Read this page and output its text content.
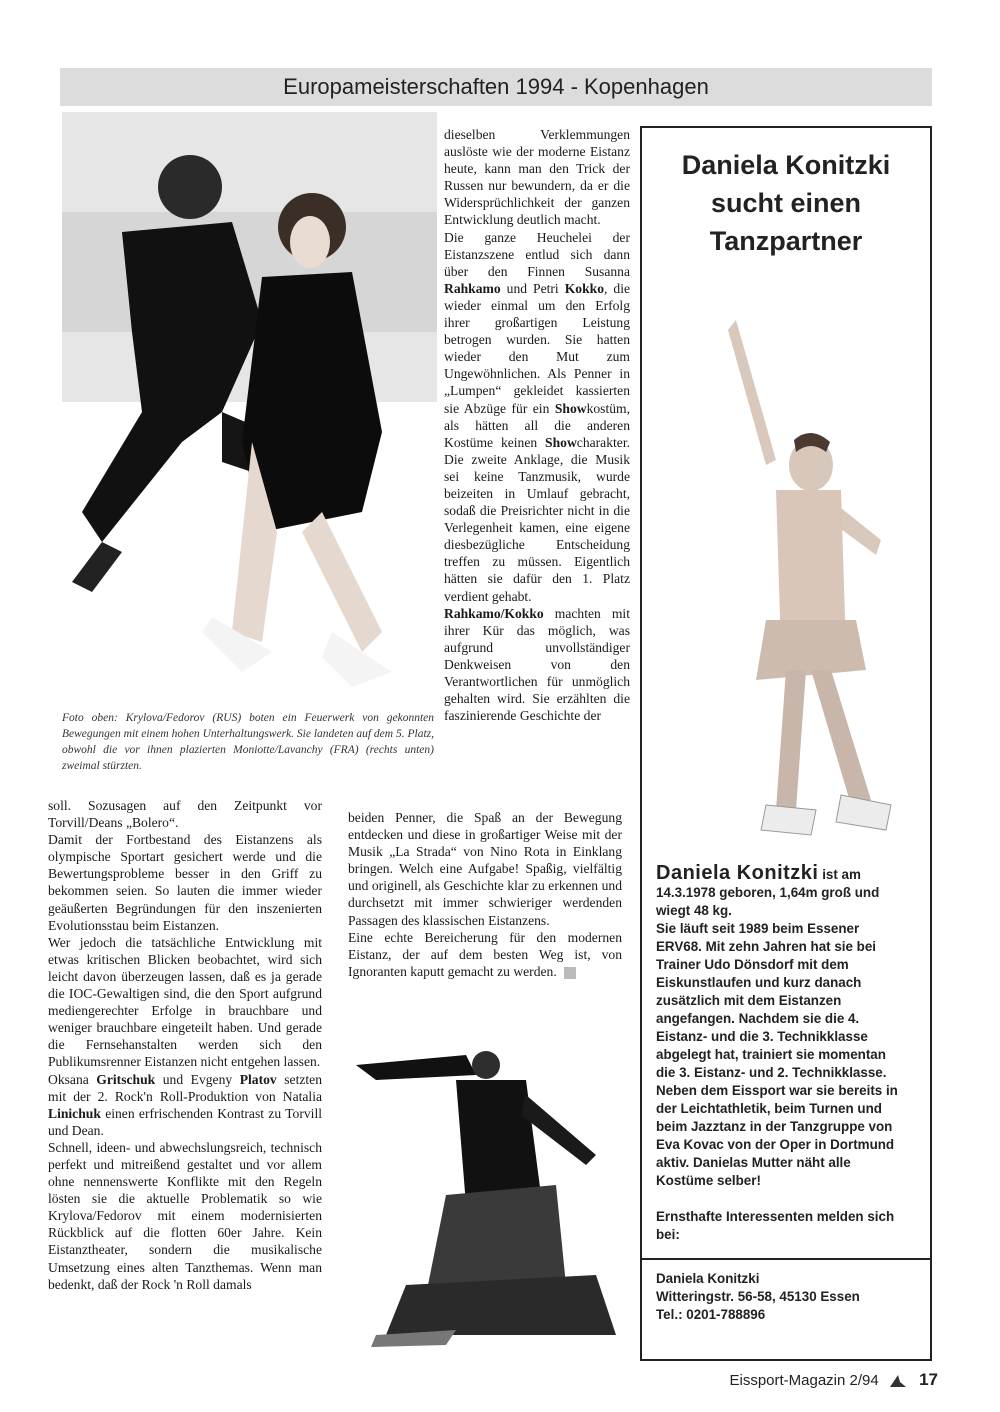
Europameisterschaften 1994 - Kopenhagen
Foto oben: Krylova/Fedorov (RUS) boten ein Feuerwerk von gekonnten Bewegungen mit einem hohen Unterhaltungswerk. Sie landeten auf dem 5. Platz, obwohl die vor ihnen plazierten Moniotte/Lavanchy (FRA) (rechts unten) zweimal stürzten.

dieselben Verklemmungen auslöste wie der moderne Eistanz heute, kann man den Trick der Russen nur bewundern, da er die Widersprüchlichkeit der ganzen Entwicklung deutlich macht.

Die ganze Heuchelei der Eistanzszene entlud sich dann über den Finnen Susanna Rahkamo und Petri Kokko, die wieder einmal um den Erfolg ihrer großartigen Leistung betrogen wurden. Sie hatten wieder den Mut zum Ungewöhnlichen. Als Penner in „Lumpen“ gekleidet kassierten sie Abzüge für ein Showkostüm, als hätten all die anderen Kostüme keinen Showcharakter. Die zweite Anklage, die Musik sei keine Tanzmusik, wurde beizeiten in Umlauf gebracht, sodaß die Preisrichter nicht in die Verlegenheit kamen, eine eigene diesbezügliche Entscheidung treffen zu müssen. Eigentlich hätten sie dafür den 1. Platz verdient gehabt.

Rahkamo/Kokko machten mit ihrer Kür das möglich, was aufgrund unvollständiger Denkweisen von den Verantwortlichen für unmöglich gehalten wird. Sie erzählten die faszinierende Geschichte der

beiden Penner, die Spaß an der Bewegung entdecken und diese in großartiger Weise mit der Musik „La Strada“ von Nino Rota in Einklang bringen. Welch eine Aufgabe! Spaßig, vielfältig und originell, als Geschichte klar zu erkennen und durchsetzt mit immer schwieriger werdenden Passagen des klassischen Eistanzens.

Eine echte Bereicherung für den modernen Eistanz, der auf dem besten Weg ist, von Ignoranten kaputt gemacht zu werden.

soll. Sozusagen auf den Zeitpunkt vor Torvill/Deans „Bolero“.

Damit der Fortbestand des Eistanzens als olympische Sportart gesichert werde und die Bewertungsprobleme besser in den Griff zu bekommen seien. So lauten die immer wieder geäußerten Begründungen für den inszenierten Evolutionsstau beim Eistanzen.

Wer jedoch die tatsächliche Entwicklung mit etwas kritischen Blicken beobachtet, wird sich leicht davon überzeugen lassen, daß es ja gerade die IOC-Gewaltigen sind, die den Sport aufgrund mediengerechter Erfolge in brauchbare und weniger brauchbare eingeteilt haben. Und gerade die Fernsehanstalten werden sich den Publikumsrenner Eistanzen nicht entgehen lassen.

Oksana Gritschuk und Evgeny Platov setzten mit der 2. Rock'n Roll-Produktion von Natalia Linichuk einen erfrischenden Kontrast zu Torvill und Dean.

Schnell, ideen- und abwechslungsreich, technisch perfekt und mitreißend gestaltet und vor allem ohne nennenswerte Konflikte mit den Regeln lösten sie die aktuelle Problematik so wie Krylova/Fedorov mit einem modernisierten Rückblick auf die flotten 60er Jahre. Kein Eistanztheater, sondern die musikalische Umsetzung eines alten Tanzthemas. Wenn man bedenkt, daß der Rock 'n Roll damals

Daniela Konitzki
sucht einen
Tanzpartner

Daniela Konitzki ist am 14.3.1978 geboren, 1,64m groß und wiegt 48 kg.

Sie läuft seit 1989 beim Essener ERV68. Mit zehn Jahren hat sie bei Trainer Udo Dönsdorf mit dem Eiskunstlaufen und kurz danach zusätzlich mit dem Eistanzen angefangen. Nachdem sie die 4. Eistanz- und die 3. Technikklasse abgelegt hat, trainiert sie momentan die 3. Eistanz- und 2. Technikklasse.

Neben dem Eissport war sie bereits in der Leichtathletik, beim Turnen und beim Jazztanz in der Tanzgruppe von Eva Kovac von der Oper in Dortmund aktiv. Danielas Mutter näht alle Kostüme selber!

Ernsthafte Interessenten melden sich bei:

Daniela Konitzki

Witteringstr. 56-58, 45130 Essen

Tel.: 0201-788896

Eissport-Magazin 2/94 17
